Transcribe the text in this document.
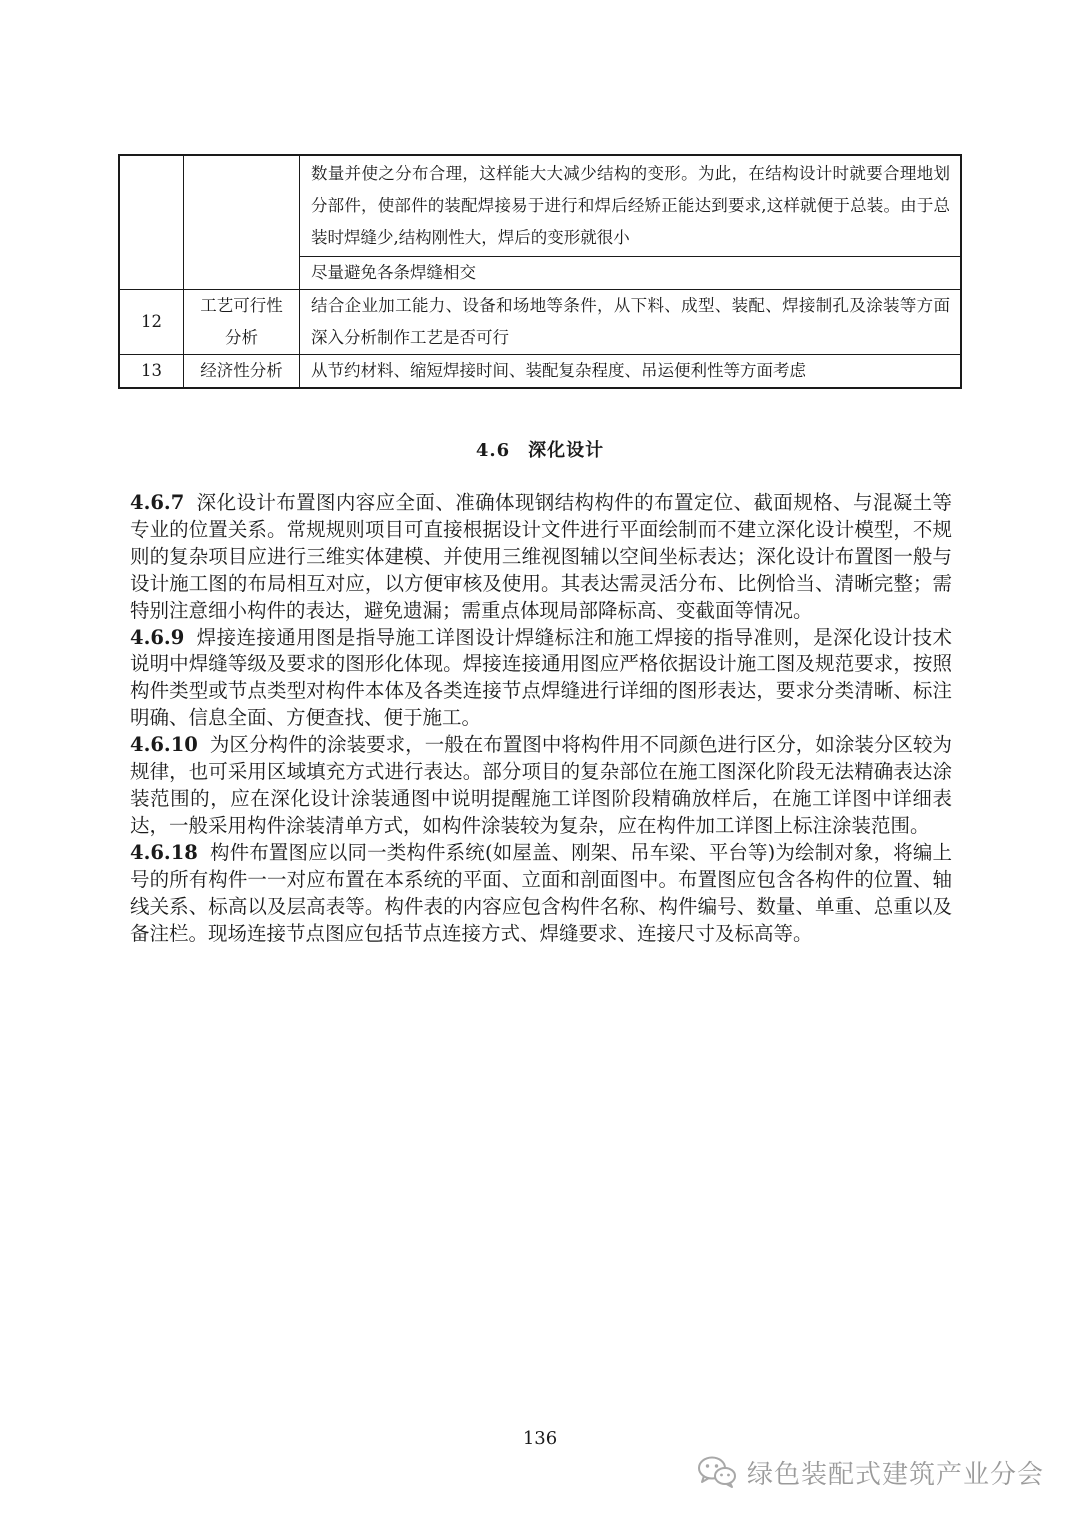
		数量并使之分布合理，这样能大大减少结构的变形。为此，在结构设计时就要合理地划分部件，使部件的装配焊接易于进行和焊后经矫正能达到要求,这样就便于总装。由于总装时焊缝少,结构刚性大，焊后的变形就很小
		尽量避免各条焊缝相交
12	工艺可行性分析	结合企业加工能力、设备和场地等条件，从下料、成型、装配、焊接制孔及涂装等方面深入分析制作工艺是否可行
13	经济性分析	从节约材料、缩短焊接时间、装配复杂程度、吊运便利性等方面考虑
4.6 深化设计

4.6.7 深化设计布置图内容应全面、准确体现钢结构构件的布置定位、截面规格、与混凝土等专业的位置关系。常规规则项目可直接根据设计文件进行平面绘制而不建立深化设计模型，不规则的复杂项目应进行三维实体建模、并使用三维视图辅以空间坐标表达；深化设计布置图一般与设计施工图的布局相互对应，以方便审核及使用。其表达需灵活分布、比例恰当、清晰完整；需特别注意细小构件的表达，避免遗漏；需重点体现局部降标高、变截面等情况。

4.6.9 焊接连接通用图是指导施工详图设计焊缝标注和施工焊接的指导准则，是深化设计技术说明中焊缝等级及要求的图形化体现。焊接连接通用图应严格依据设计施工图及规范要求，按照构件类型或节点类型对构件本体及各类连接节点焊缝进行详细的图形表达，要求分类清晰、标注明确、信息全面、方便查找、便于施工。

4.6.10 为区分构件的涂装要求，一般在布置图中将构件用不同颜色进行区分，如涂装分区较为规律，也可采用区域填充方式进行表达。部分项目的复杂部位在施工图深化阶段无法精确表达涂装范围的，应在深化设计涂装通图中说明提醒施工详图阶段精确放样后，在施工详图中详细表达，一般采用构件涂装清单方式，如构件涂装较为复杂，应在构件加工详图上标注涂装范围。

4.6.18 构件布置图应以同一类构件系统(如屋盖、刚架、吊车梁、平台等)为绘制对象，将编上号的所有构件一一对应布置在本系统的平面、立面和剖面图中。布置图应包含各构件的位置、轴线关系、标高以及层高表等。构件表的内容应包含构件名称、构件编号、数量、单重、总重以及备注栏。现场连接节点图应包括节点连接方式、焊缝要求、连接尺寸及标高等。

136
绿色装配式建筑产业分会
